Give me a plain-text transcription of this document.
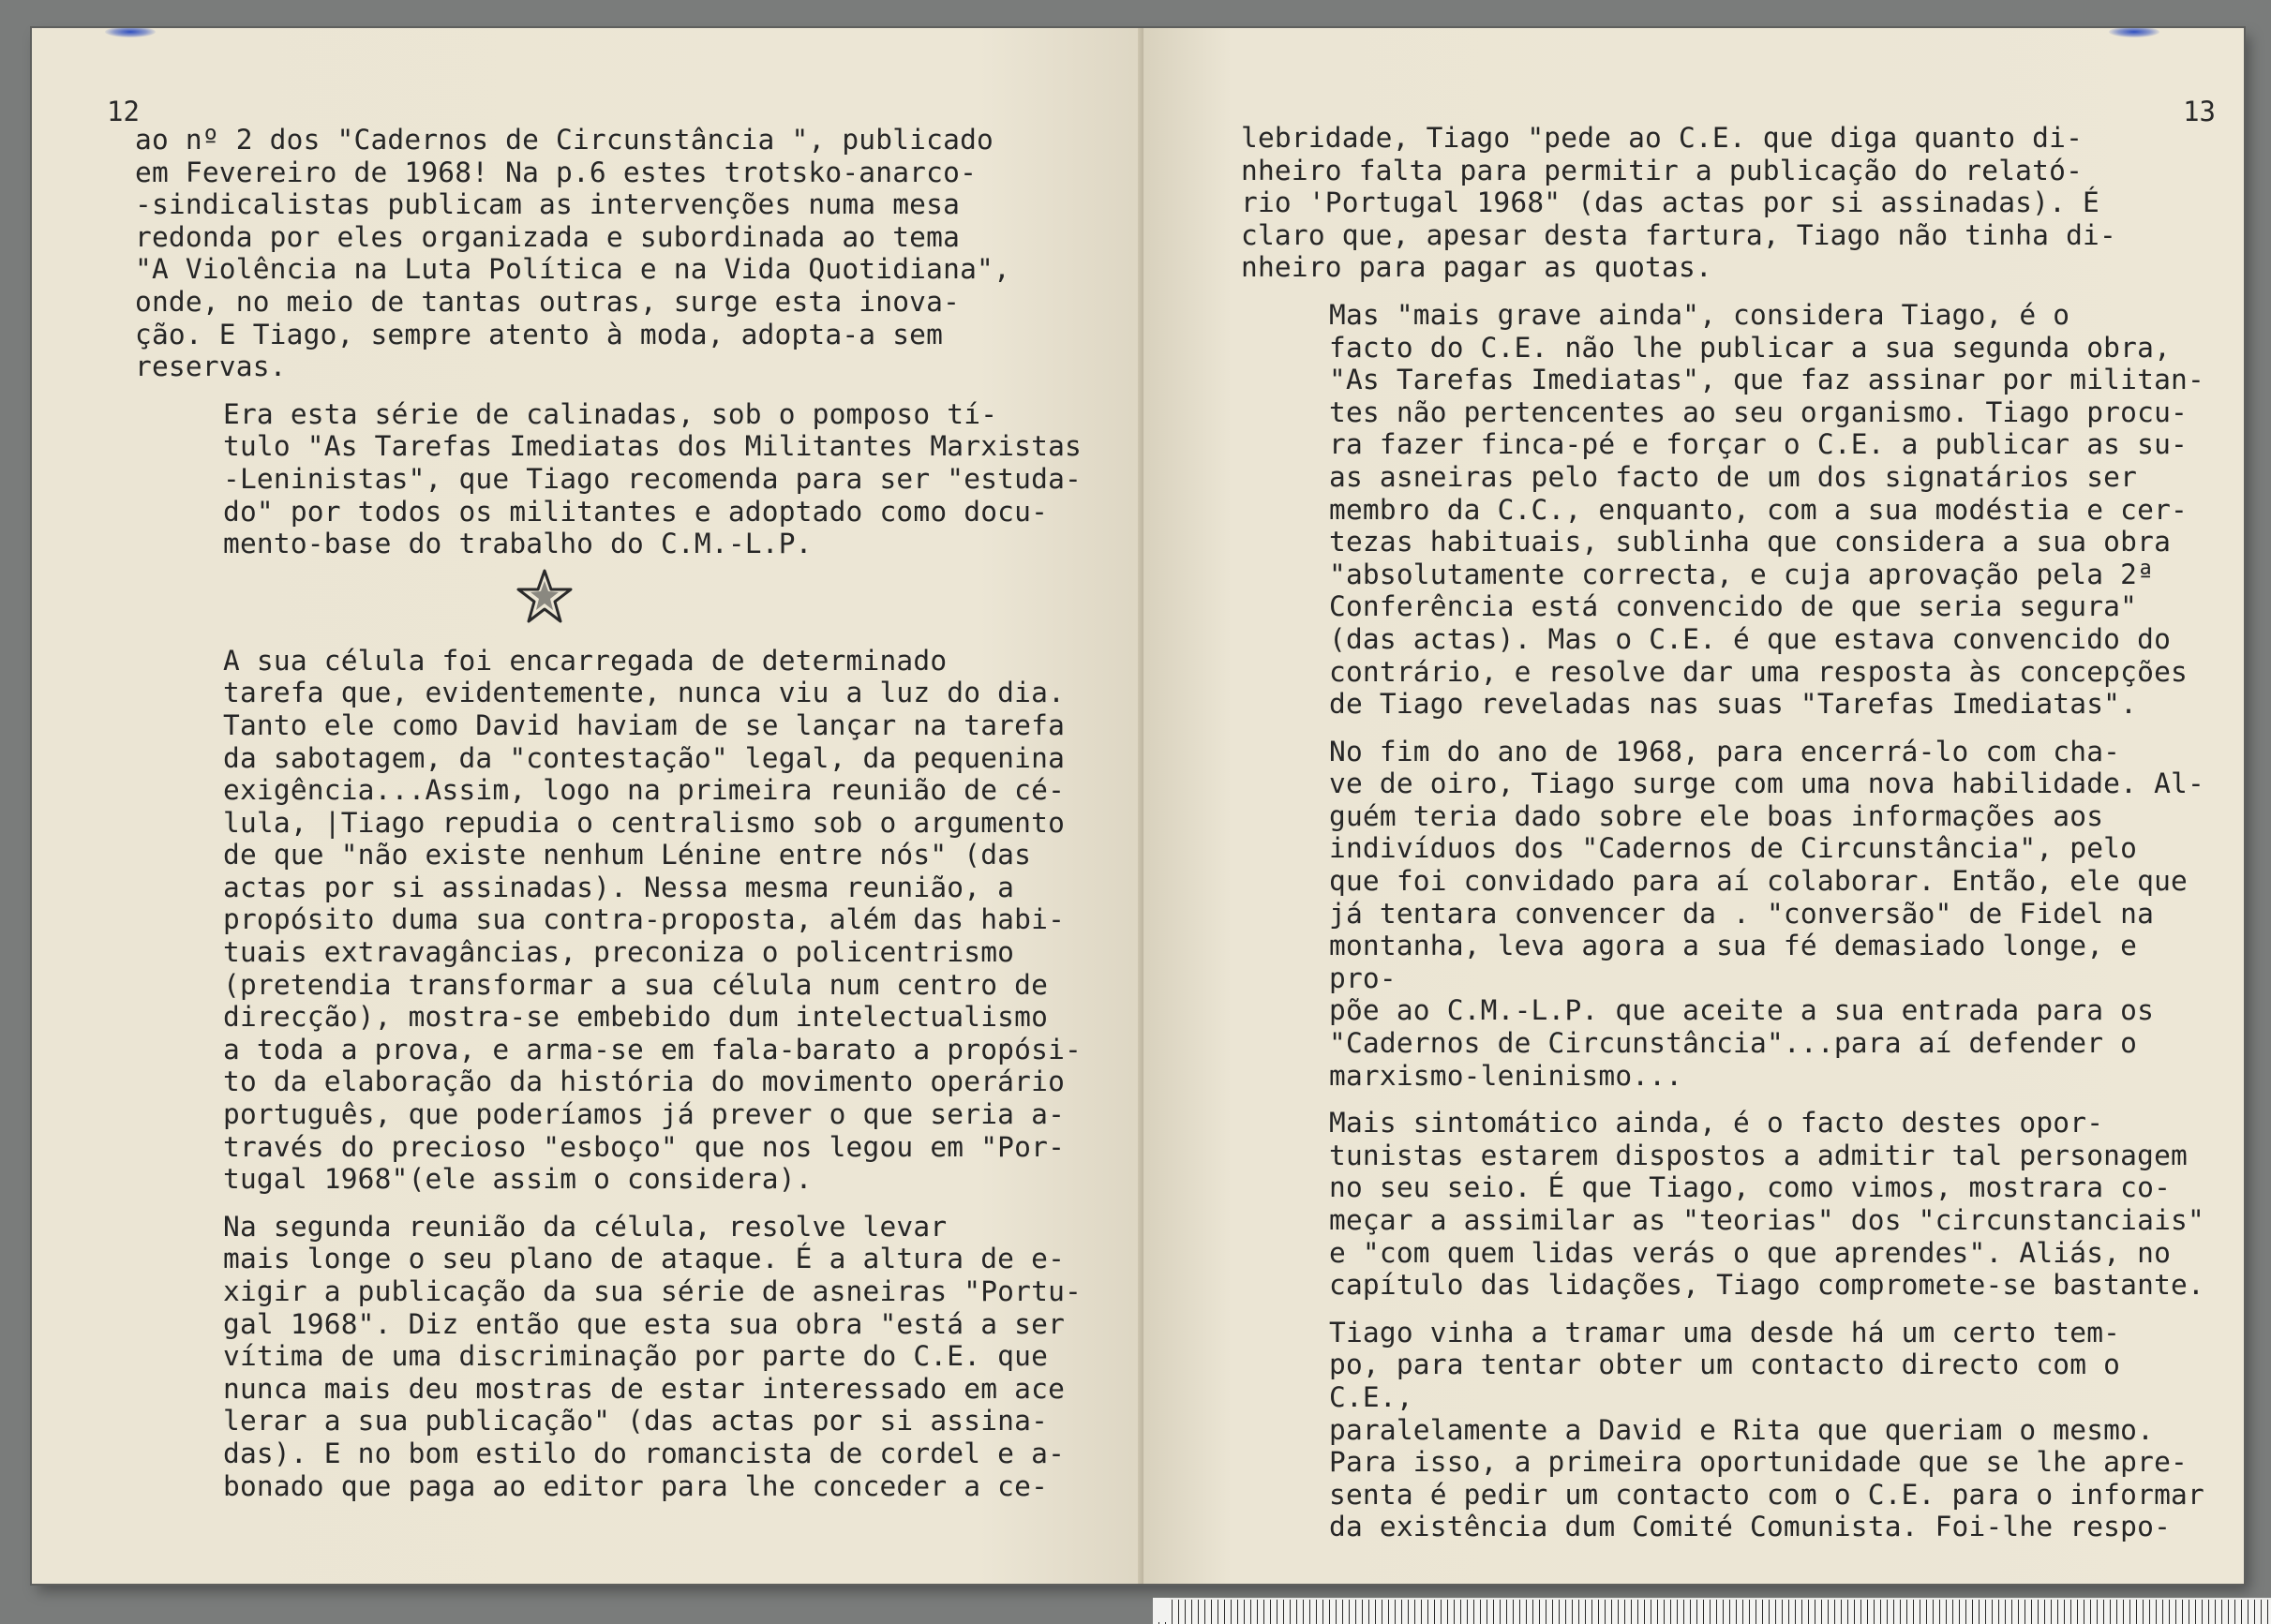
12

ao nº 2 dos "Cadernos de Circunstância ", publicado
em Fevereiro de 1968! Na p.6 estes trotsko-anarco-
-sindicalistas publicam as intervenções numa mesa
redonda por eles organizada e subordinada ao tema
"A Violência na Luta Política e na Vida Quotidiana",
onde, no meio de tantas outras, surge esta inova-
ção. E Tiago, sempre atento à moda, adopta-a sem
reservas.

Era esta série de calinadas, sob o pomposo tí-
tulo "As Tarefas Imediatas dos Militantes Marxistas
-Leninistas", que Tiago recomenda para ser "estuda-
do" por todos os militantes e adoptado como docu-
mento-base do trabalho do C.M.-L.P.

A sua célula foi encarregada de determinado
tarefa que, evidentemente, nunca viu a luz do dia.
Tanto ele como David haviam de se lançar na tarefa
da sabotagem, da "contestação" legal, da pequenina
exigência...Assim, logo na primeira reunião de cé-
lula, |Tiago repudia o centralismo sob o argumento
de que "não existe nenhum Lénine entre nós" (das
actas por si assinadas). Nessa mesma reunião, a
propósito duma sua contra-proposta, além das habi-
tuais extravagâncias, preconiza o policentrismo
(pretendia transformar a sua célula num centro de
direcção), mostra-se embebido dum intelectualismo
a toda a prova, e arma-se em fala-barato a propósi-
to da elaboração da história do movimento operário
português, que poderíamos já prever o que seria a-
través do precioso "esboço" que nos legou em "Por-
tugal 1968"(ele assim o considera).

Na segunda reunião da célula, resolve levar
mais longe o seu plano de ataque. É a altura de e-
xigir a publicação da sua série de asneiras "Portu-
gal 1968". Diz então que esta sua obra "está a ser
vítima de uma discriminação por parte do C.E. que
nunca mais deu mostras de estar interessado em ace
lerar a sua publicação" (das actas por si assina-
das). E no bom estilo do romancista de cordel e a-
bonado que paga ao editor para lhe conceder a ce-

13

lebridade, Tiago "pede ao C.E. que diga quanto di-
nheiro falta para permitir a publicação do relató-
rio 'Portugal 1968" (das actas por si assinadas). É
claro que, apesar desta fartura, Tiago não tinha di-
nheiro para pagar as quotas.

Mas "mais grave ainda", considera Tiago, é o
facto do C.E. não lhe publicar a sua segunda obra,
"As Tarefas Imediatas", que faz assinar por militan-
tes não pertencentes ao seu organismo. Tiago procu-
ra fazer finca-pé e forçar o C.E. a publicar as su-
as asneiras pelo facto de um dos signatários ser
membro da C.C., enquanto, com a sua modéstia e cer-
tezas habituais, sublinha que considera a sua obra
"absolutamente correcta, e cuja aprovação pela 2ª
Conferência está convencido de que seria segura"
(das actas). Mas o C.E. é que estava convencido do
contrário, e resolve dar uma resposta às concepções
de Tiago reveladas nas suas "Tarefas Imediatas".

No fim do ano de 1968, para encerrá-lo com cha-
ve de oiro, Tiago surge com uma nova habilidade. Al-
guém teria dado sobre ele boas informações aos
indivíduos dos "Cadernos de Circunstância", pelo
que foi convidado para aí colaborar. Então, ele que
já tentara convencer da . "conversão" de Fidel na
montanha, leva agora a sua fé demasiado longe, e pro-
põe ao C.M.-L.P. que aceite a sua entrada para os
"Cadernos de Circunstância"...para aí defender o
marxismo-leninismo...

Mais sintomático ainda, é o facto destes opor-
tunistas estarem dispostos a admitir tal personagem
no seu seio. É que Tiago, como vimos, mostrara co-
meçar a assimilar as "teorias" dos "circunstanciais"
e "com quem lidas verás o que aprendes". Aliás, no
capítulo das lidações, Tiago compromete-se bastante.

Tiago vinha a tramar uma desde há um certo tem-
po, para tentar obter um contacto directo com o C.E.,
paralelamente a David e Rita que queriam o mesmo.
Para isso, a primeira oportunidade que se lhe apre-
senta é pedir um contacto com o C.E. para o informar
da existência dum Comité Comunista. Foi-lhe respo-
